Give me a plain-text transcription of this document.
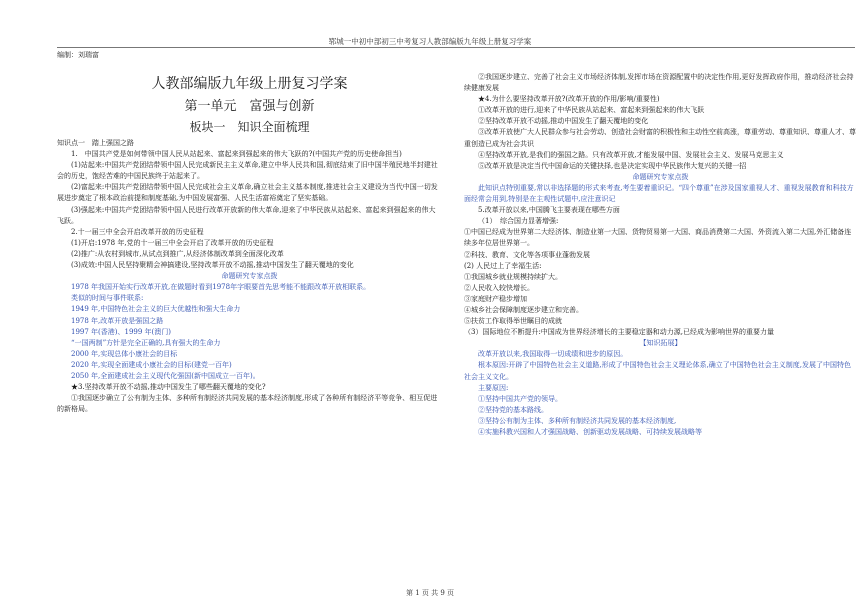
郓城一中初中部初三中考复习人教部编版九年级上册复习学案
编制：刘瑞富

人教部编版九年级上册复习学案

第一单元　富强与创新

板块一　知识全面梳理

知识点一　踏上强国之路

1.　中国共产党是如何带领中国人民从站起来、富起来到强起来的伟大飞跃的?(中国共产党的历史使命担当)

(1)站起来:中国共产党团结带领中国人民完成新民主主义革命,建立中华人民共和国,彻底结束了旧中国半殖民地半封建社会的历史，饱经苦难的中国民族终于站起来了。

(2)富起来:中国共产党团结带领中国人民完成社会主义革命,确立社会主义基本制度,推进社会主义建设为当代中国一切发展进步奠定了根本政治前提和制度基础,为中国发展富强、人民生活富裕奠定了坚实基础。

(3)强起来:中国共产党团结带领中国人民进行改革开放新的伟大革命,迎来了中华民族从站起来、富起来到强起来的伟大飞跃。

2.十一届三中全会开启改革开放的历史征程

(1)开启:1978 年,党的十一届三中全会开启了改革开放的历史征程

(2)推广:从农村到城市,从试点到推广,从经济体制改革到全面深化改革

(3)成效:中国人民坚持聚精会神搞建设,坚持改革开放不动摇,推动中国发生了翻天覆地的变化

命题研究专家点拨

1978 年我国开始实行改革开放,在做题时看到1978年字眼要首先思考能不能跟改革开放相联系。

类似的时间与事件联系:

1949 年,中国特色社会主义的巨大优越性和强大生命力

1978 年,改革开放是强国之路

1997 年(香港)、1999 年(澳门)

“一国两制”方针是完全正确的,具有强大的生命力

2000 年,实现总体小康社会的目标

2020 年,实现全面建成小康社会的目标(建党一百年)

2050 年,全面建成社会主义现代化强国(新中国成立一百年)。

★3.坚持改革开放不动摇,推动中国发生了哪些翻天覆地的变化?

①我国逐步确立了公有制为主体、多种所有制经济共同发展的基本经济制度,形成了各种所有制经济平等竞争、相互促进的新格局。

②我国逐步建立、完善了社会主义市场经济体制,发挥市场在资源配置中的决定性作用,更好发挥政府作用，推动经济社会持续健康发展

★4.为什么要坚持改革开放?(改革开放的作用/影响/重要性)

①改革开放的进行,迎来了中华民族从站起来、富起来到强起来的伟大飞跃

②坚持改革开放不动摇,推动中国发生了翻天覆地的变化

③改革开放使广大人民群众参与社会劳动、创造社会财富的积极性和主动性空前高涨，尊重劳动、尊重知识、尊重人才、尊重创造已成为社会共识

④坚持改革开放,是我们的强国之路。只有改革开放,才能发展中国、发展社会主义、发展马克思主义

⑤改革开放是决定当代中国命运的关键抉择,也是决定实现中华民族伟大复兴的关键一招

命题研究专家点拨

此知识点特别重要,常以非选择题的形式来考查,考生要着重识记。“四个尊重”在涉及国家重视人才、重视发展教育和科技方面经常会用到,特别是在主观性试题中,应注意识记

5.改革开放以来,中国腾飞主要表现在哪些方面

（1）　综合国力显著增强:

①中国已经成为世界第二大经济体、制造业第一大国、货物贸易第一大国、商品消费第二大国、外资流入第二大国,外汇储备连续多年位居世界第一。

②科技、教育、文化等各项事业蓬勃发展

(2) 人民过上了幸福生活:

①我国城乡就业规模持续扩大。

②人民收入较快增长。

③家庭财产稳步增加

④城乡社会保障制度逐步建立和完善。

⑤扶贫工作取得举世瞩目的成就

（3）国际地位不断提升:中国成为世界经济增长的主要稳定器和动力源,已经成为影响世界的重要力量

【知识拓展】

改革开放以来,我国取得一切成绩和进步的原因。

根本原因:开辟了中国特色社会主义道路,形成了中国特色社会主义理论体系,确立了中国特色社会主义制度,发展了中国特色社会主义文化。

主要原因:

①坚持中国共产党的领导。

②坚持党的基本路线。

③坚持公有制为主体、多种所有制经济共同发展的基本经济制度,

④实施科教兴国和人才强国战略、创新驱动发展战略、可持续发展战略等

第 1 页 共 9 页
